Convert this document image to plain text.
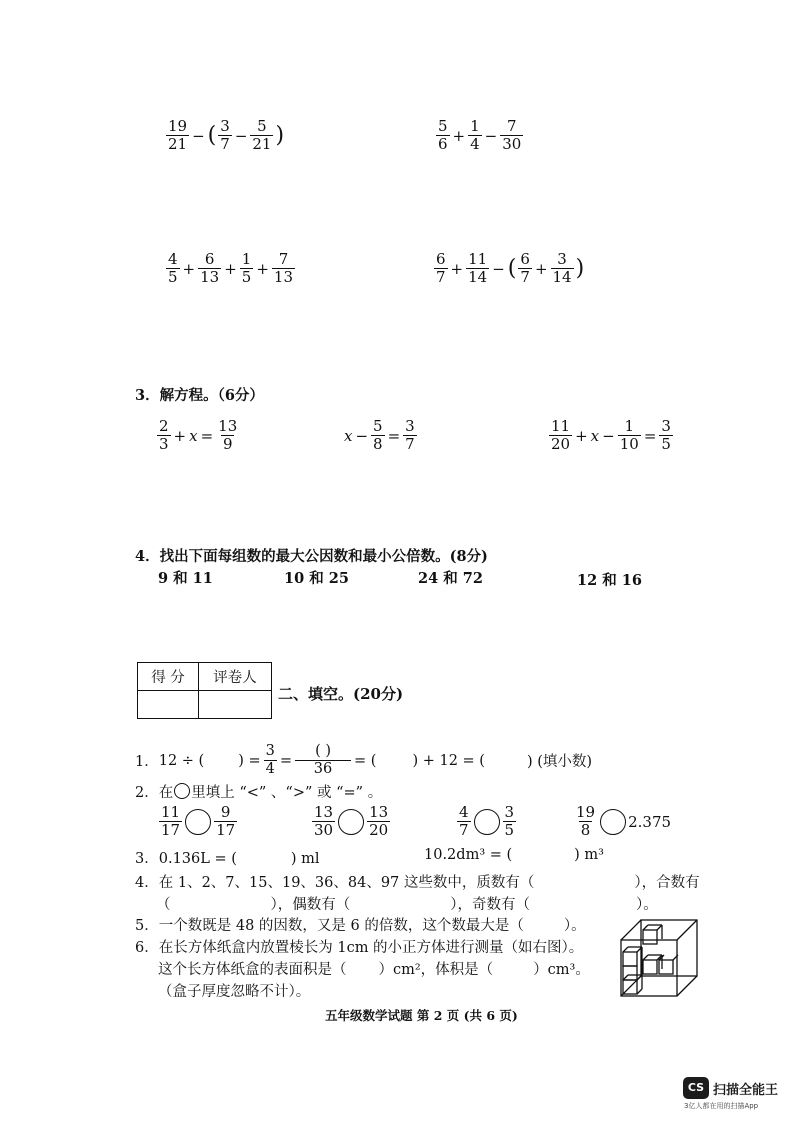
$\frac{19}{21}$ − ( $\frac{3}{7} - \frac{5}{21}$ )	$\frac{5}{6} + \frac{1}{4} - \frac{7}{30}$
$\frac{4}{5} + \frac{6}{13} + \frac{1}{5} + \frac{7}{13}$	$\frac{6}{7} + \frac{11}{14}$ − ( $\frac{6}{7} + \frac{3}{14}$ )
3．解方程。（6分）
$\frac{2}{3} + x = \frac{13}{9}$	$x - \frac{5}{8} = \frac{3}{7}$	$\frac{11}{20} + x - \frac{1}{10} = \frac{3}{5}$
4．找出下面每组数的最大公因数和最小公倍数。(8分)
9 和 11	10 和 25	24 和 72	12 和 16
得 分	评卷人

二、填空。(20分)
1． 12 ÷ ( ) = $\frac{3}{4} = \frac{( )}{36}$ = ( ) + 12 = (	) (填小数)
2．在 里填上 “<” 、“>” 或 “=” 。
$\frac{11}{17} \frac{9}{17}$	$\frac{13}{30} \frac{13}{20}$	$\frac{4}{7} \frac{3}{5}$	$\frac{19}{8} 2.375$
3．0.136L = (	) ml	10.2dm³ = (	) m³
4．在 1、2、7、15、19、36、84、97 这些数中，质数有（	），合数有
（	），偶数有（	），奇数有（	）。
5．一个数既是 48 的因数，又是 6 的倍数，这个数最大是（	）。
6．在长方体纸盒内放置棱长为 1cm 的小正方体进行测量（如右图）。
这个长方体纸盒的表面积是（ ）cm²，体积是（	）cm³。
（盒子厚度忽略不计）。
五年级数学试题 第 2 页 (共 6 页)
CS 扫描全能王
3亿人都在用的扫描App
